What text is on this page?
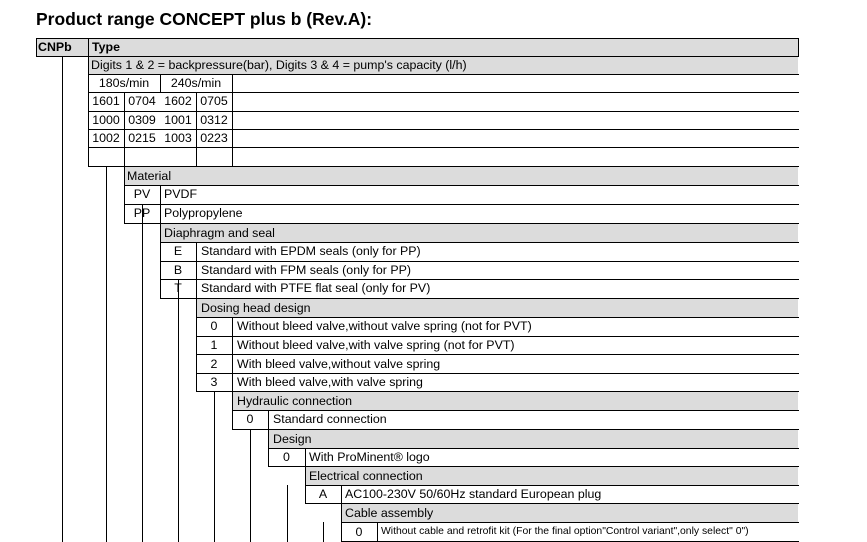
Product range CONCEPT plus b (Rev.A):
CNPb Type
Digits 1 & 2 = backpressure(bar), Digits 3 & 4 = pump's capacity (l/h)
180s/min	240s/min
1601 0704 1602 0705
1000 0309 1001 0312
1002 0215 1003 0223
Material
PV	PVDF
PP	Polypropylene
Diaphragm and seal
E	Standard with EPDM seals (only for PP)
B	Standard with FPM seals (only for PP)
T	Standard with PTFE flat seal (only for PV)
Dosing head design
0	Without bleed valve,without valve spring (not for PVT)
1	Without bleed valve,with valve spring (not for PVT)
2	With bleed valve,without valve spring
3	With bleed valve,with valve spring
Hydraulic connection
0	Standard connection
Design
0	With ProMinent® logo
Electrical connection
A	AC100-230V 50/60Hz standard European plug
Cable assembly
0	Without cable and retrofit kit (For the final option"Control variant",only select" 0")
